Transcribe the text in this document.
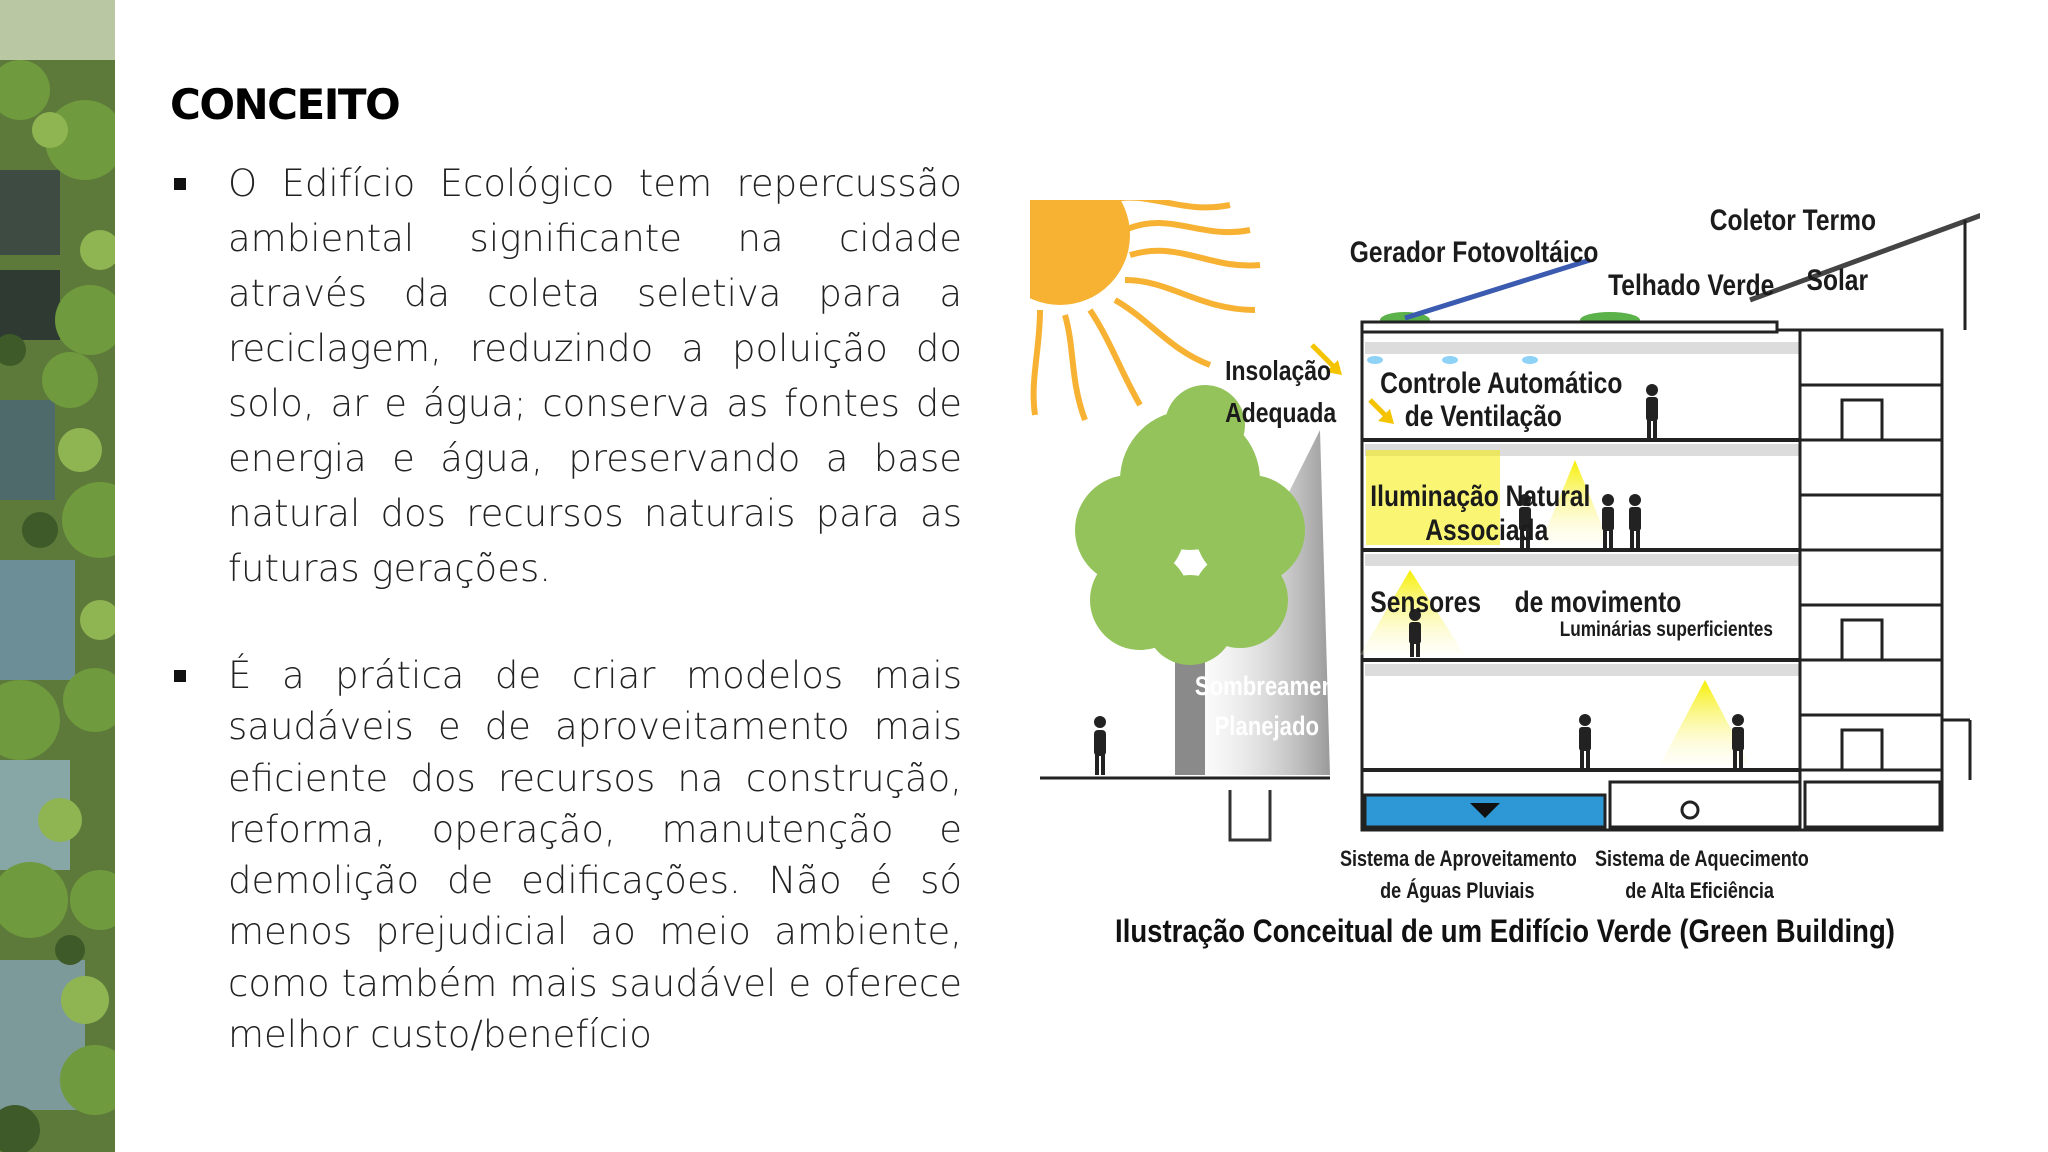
CONCEITO
O Edifício Ecológico tem repercussão ambiental significante na cidade através da coleta seletiva para a reciclagem, reduzindo a poluição do solo, ar e água; conserva as fontes de energia e água, preservando a base natural dos recursos naturais para as futuras gerações.
É a prática de criar modelos mais saudáveis e de aproveitamento mais eficiente dos recursos na construção, reforma, operação, manutenção e demolição de edificações. Não é só menos prejudicial ao meio ambiente, como também mais saudável e oferece melhor custo/benefício
Coletor Termo
Solar
Gerador Fotovoltáico
Telhado Verde
Insolação
Adequada
Controle Automático
de Ventilação
Iluminação Natural
Associada
Sensores de movimento
Luminárias superficientes
Sombreamento
Planejado
Sistema de Aproveitamento
de Águas Pluviais
Sistema de Aquecimento
de Alta Eficiência
Ilustração Conceitual de um Edifício Verde (Green Building)
